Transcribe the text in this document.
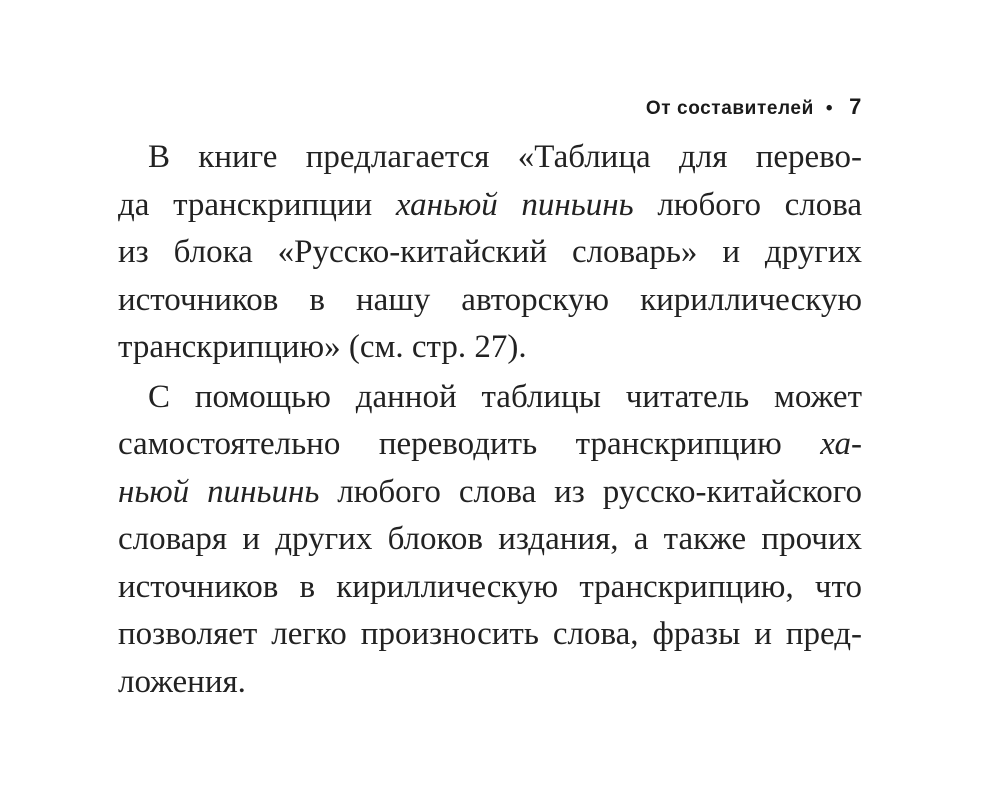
От составителей • 7
В книге предлагается «Таблица для перево-
да транскрипции ханьюй пиньинь любого слова
из блока «Русско-китайский словарь» и других
источников в нашу авторскую кириллическую
транскрипцию» (см. стр. 27).
С помощью данной таблицы читатель может
самостоятельно переводить транскрипцию ха-
ньюй пиньинь любого слова из русско-китайского
словаря и других блоков издания, а также прочих
источников в кириллическую транскрипцию, что
позволяет легко произносить слова, фразы и пред-
ложения.
